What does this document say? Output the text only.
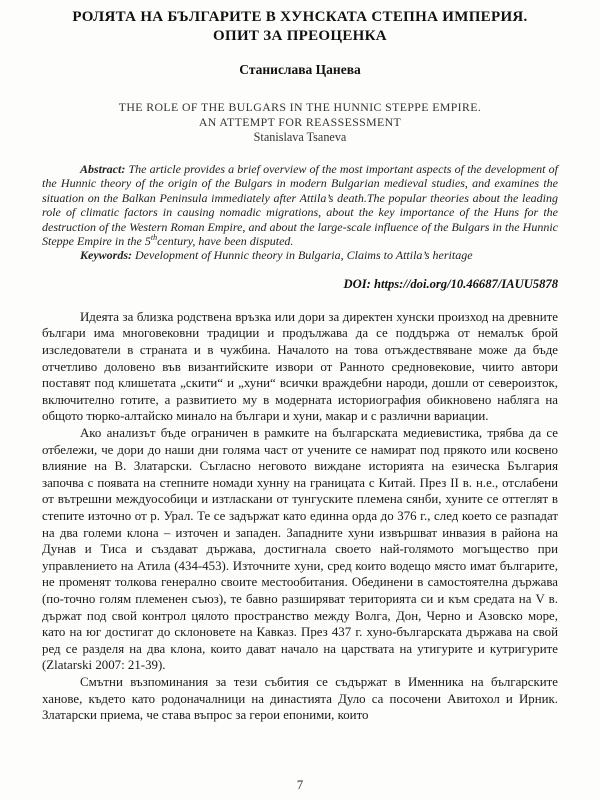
РОЛЯТА НА БЪЛГАРИТЕ В ХУНСКАТА СТЕПНА ИМПЕРИЯ.
ОПИТ ЗА ПРЕОЦЕНКА
Станислава Цанева
THE ROLE OF THE BULGARS IN THE HUNNIC STEPPE EMPIRE.
AN ATTEMPT FOR REASSESSMENT
Stanislava Tsaneva

Abstract: The article provides a brief overview of the most important aspects of the development of the Hunnic theory of the origin of the Bulgars in modern Bulgarian medieval studies, and examines the situation on the Balkan Peninsula immediately after Attila’s death.The popular theories about the leading role of climatic factors in causing nomadic migrations, about the key importance of the Huns for the destruction of the Western Roman Empire, and about the large-scale influence of the Bulgars in the Hunnic Steppe Empire in the 5thcentury, have been disputed.

Keywords: Development of Hunnic theory in Bulgaria, Claims to Attila’s heritage

DOI: https://doi.org/10.46687/IAUU5878

Идеята за близка родствена връзка или дори за директен хунски произход на древните българи има многовековни традиции и продължава да се поддържа от немалък брой изследователи в страната и в чужбина. Началото на това отъждествяване може да бъде отчетливо доловено във византийските извори от Ранното средновековие, чиито автори поставят под клишетата „скити“ и „хуни“ всички враждебни народи, дошли от североизток, включително готите, а развитието му в модерната историография обикновено набляга на общото тюрко-алтайско минало на българи и хуни, макар и с различни вариации.

Ако анализът бъде ограничен в рамките на българската медиевистика, трябва да се отбележи, че дори до наши дни голяма част от учените се намират под прякото или косвено влияние на В. Златарски. Съгласно неговото виждане историята на езическа България започва с появата на степните номади хунну на границата с Китай. През II в. н.е., отслабени от вътрешни междуособици и изтласкани от тунгуските племена сянби, хуните се оттеглят в степите източно от р. Урал. Те се задържат като единна орда до 376 г., след което се разпадат на два големи клона – източен и западен. Западните хуни извършват инвазия в района на Дунав и Тиса и създават държава, достигнала своето най-голямото могъщество при управлението на Атила (434-453). Източните хуни, сред които водещо място имат българите, не променят толкова генерално своите местообитания. Обединени в самостоятелна държава (по-точно голям племенен съюз), те бавно разширяват територията си и към средата на V в. държат под свой контрол цялото пространство между Волга, Дон, Черно и Азовско море, като на юг достигат до склоновете на Кавказ. През 437 г. хуно-българската държава на свой ред се разделя на два клона, които дават начало на царствата на утигурите и кутригурите (Zlatarski 2007: 21-39).

Смътни възпоминания за тези събития се съдържат в Именника на българските ханове, където като родоначалници на династията Дуло са посочени Авитохол и Ирник. Златарски приема, че става въпрос за герои епоними, които

7
